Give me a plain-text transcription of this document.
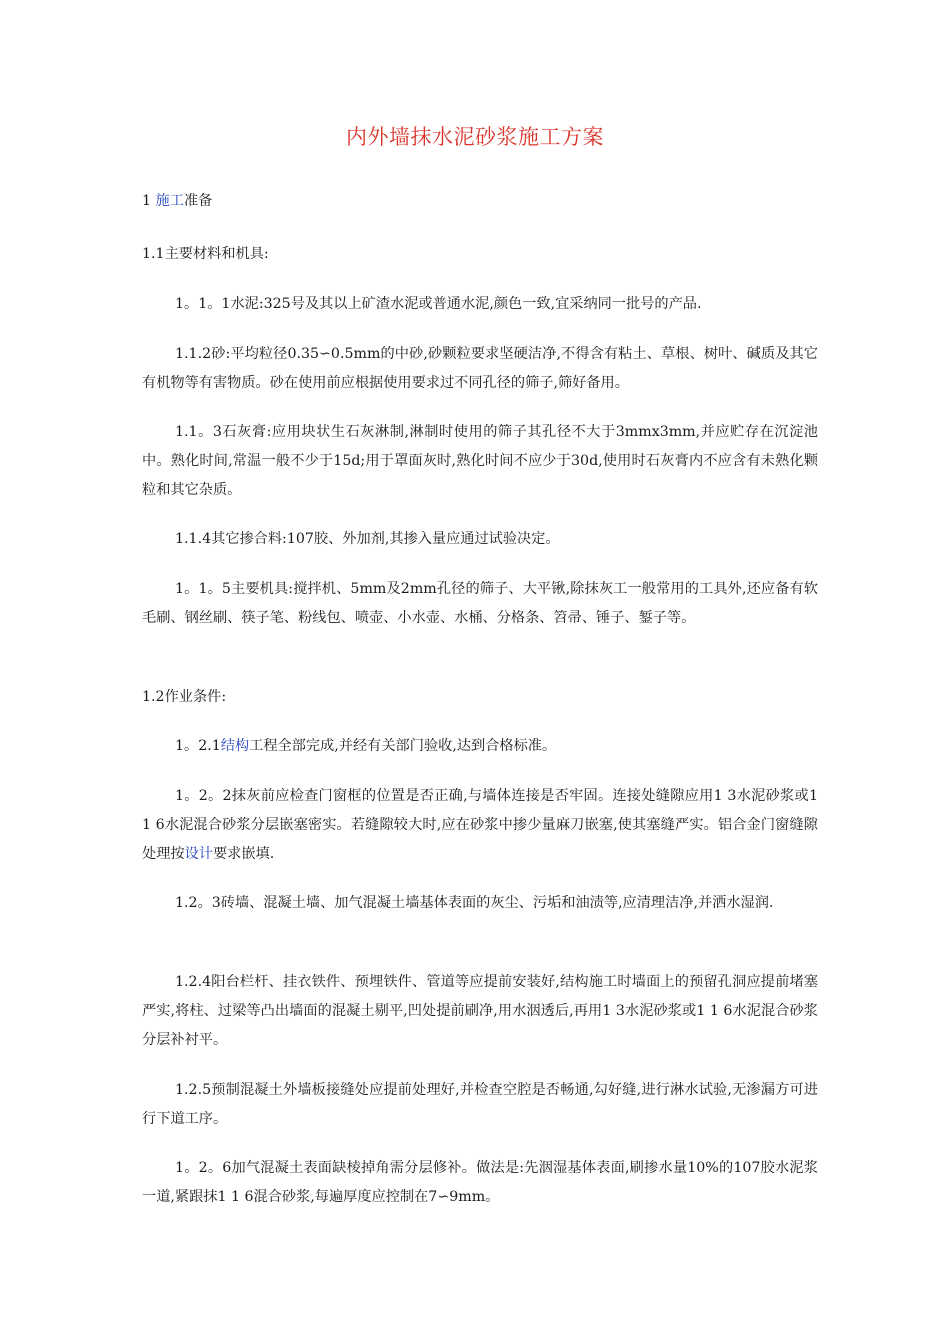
内外墙抹水泥砂浆施工方案
1 施工准备
1.1主要材料和机具:
1。1。1水泥:325号及其以上矿渣水泥或普通水泥,颜色一致,宜采纳同一批号的产品.
1.1.2砂:平均粒径0.35∽0.5mm的中砂,砂颗粒要求坚硬洁净,不得含有粘土、草根、树叶、碱质及其它有机物等有害物质。砂在使用前应根据使用要求过不同孔径的筛子,筛好备用。
1.1。3石灰膏:应用块状生石灰淋制,淋制时使用的筛子其孔径不大于3mmx3mm,并应贮存在沉淀池中。熟化时间,常温一般不少于15d;用于罩面灰时,熟化时间不应少于30d,使用时石灰膏内不应含有未熟化颗粒和其它杂质。
1.1.4其它掺合料:107胶、外加剂,其掺入量应通过试验决定。
1。1。5主要机具:搅拌机、5mm及2mm孔径的筛子、大平锹,除抹灰工一般常用的工具外,还应备有软毛刷、钢丝刷、筷子笔、粉线包、喷壶、小水壶、水桶、分格条、笤帚、锤子、錾子等。
1.2作业条件:
1。2.1结构工程全部完成,并经有关部门验收,达到合格标准。
1。2。2抹灰前应检查门窗框的位置是否正确,与墙体连接是否牢固。连接处缝隙应用1 3水泥砂浆或1 1 6水泥混合砂浆分层嵌塞密实。若缝隙较大时,应在砂浆中掺少量麻刀嵌塞,使其塞缝严实。铝合金门窗缝隙处理按设计要求嵌填.
1.2。3砖墙、混凝土墙、加气混凝土墙基体表面的灰尘、污垢和油渍等,应清理洁净,并洒水湿润.
1.2.4阳台栏杆、挂衣铁件、预埋铁件、管道等应提前安装好,结构施工时墙面上的预留孔洞应提前堵塞严实,将柱、过梁等凸出墙面的混凝土剔平,凹处提前刷净,用水洇透后,再用1 3水泥砂浆或1 1 6水泥混合砂浆分层补衬平。
1.2.5预制混凝土外墙板接缝处应提前处理好,并检查空腔是否畅通,勾好缝,进行淋水试验,无渗漏方可进行下道工序。
1。2。6加气混凝土表面缺棱掉角需分层修补。做法是:先洇湿基体表面,刷掺水量10%的107胶水泥浆一道,紧跟抹1 1 6混合砂浆,每遍厚度应控制在7∽9mm。
